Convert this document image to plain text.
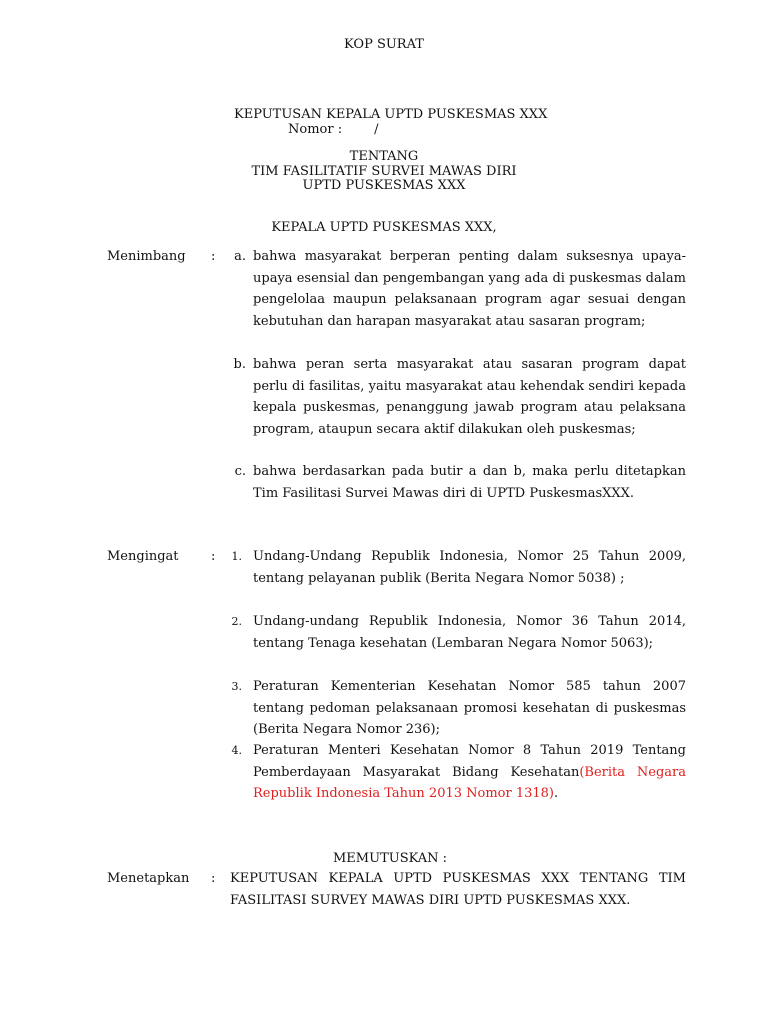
KOP SURAT
KEPUTUSAN KEPALA UPTD PUSKESMAS XXX
Nomor : /
TENTANG
TIM FASILITATIF SURVEI MAWAS DIRI
UPTD PUSKESMAS XXX
KEPALA UPTD PUSKESMAS XXX,
Menimbang :	a. bahwa masyarakat berperan penting dalam suksesnya upaya-upaya esensial dan pengembangan yang ada di puskesmas dalam pengelolaa maupun pelaksanaan program agar sesuai dengan kebutuhan dan harapan masyarakat atau sasaran program;
b. bahwa peran serta masyarakat atau sasaran program dapat perlu di fasilitas, yaitu masyarakat atau kehendak sendiri kepada kepala puskesmas, penanggung jawab program atau pelaksana program, ataupun secara aktif dilakukan oleh puskesmas;
c. bahwa berdasarkan pada butir a dan b, maka perlu ditetapkan Tim Fasilitasi Survei Mawas diri di UPTD PuskesmasXXX.
Mengingat :	1. Undang-Undang Republik Indonesia, Nomor 25 Tahun 2009, tentang pelayanan publik (Berita Negara Nomor 5038) ;
2. Undang-undang Republik Indonesia, Nomor 36 Tahun 2014, tentang Tenaga kesehatan (Lembaran Negara Nomor 5063);
3. Peraturan Kementerian Kesehatan Nomor 585 tahun 2007 tentang pedoman pelaksanaan promosi kesehatan di puskesmas (Berita Negara Nomor 236);
4. Peraturan Menteri Kesehatan Nomor 8 Tahun 2019 Tentang Pemberdayaan Masyarakat Bidang Kesehatan(Berita Negara Republik Indonesia Tahun 2013 Nomor 1318).
MEMUTUSKAN :
Menetapkan : KEPUTUSAN KEPALA UPTD PUSKESMAS XXX TENTANG TIM FASILITASI SURVEY MAWAS DIRI UPTD PUSKESMAS XXX.
